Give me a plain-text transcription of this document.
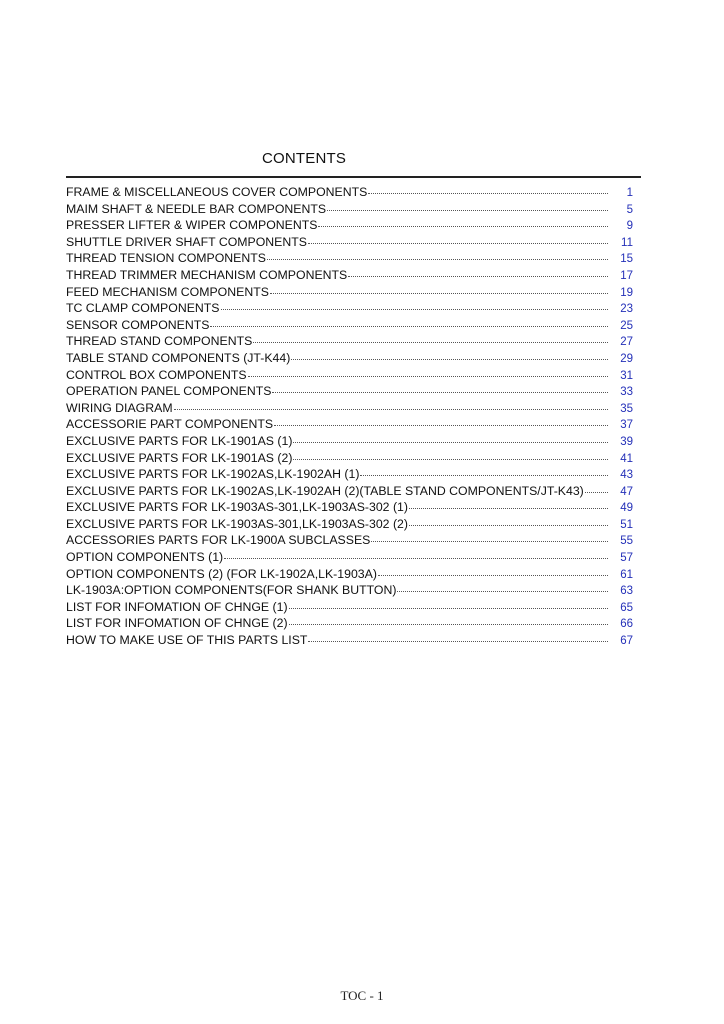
CONTENTS
FRAME & MISCELLANEOUS COVER COMPONENTS	1
MAIM SHAFT & NEEDLE BAR COMPONENTS	5
PRESSER LIFTER & WIPER COMPONENTS	9
SHUTTLE DRIVER SHAFT COMPONENTS	11
THREAD TENSION COMPONENTS	15
THREAD TRIMMER MECHANISM COMPONENTS	17
FEED MECHANISM COMPONENTS	19
TC CLAMP COMPONENTS	23
SENSOR COMPONENTS	25
THREAD STAND COMPONENTS	27
TABLE STAND COMPONENTS (JT-K44)	29
CONTROL BOX COMPONENTS	31
OPERATION PANEL COMPONENTS	33
WIRING DIAGRAM	35
ACCESSORIE PART COMPONENTS	37
EXCLUSIVE PARTS FOR LK-1901AS (1)	39
EXCLUSIVE PARTS FOR LK-1901AS (2)	41
EXCLUSIVE PARTS FOR LK-1902AS,LK-1902AH (1)	43
EXCLUSIVE PARTS FOR LK-1902AS,LK-1902AH (2)(TABLE STAND COMPONENTS/JT-K43)	47
EXCLUSIVE PARTS FOR LK-1903AS-301,LK-1903AS-302 (1)	49
EXCLUSIVE PARTS FOR LK-1903AS-301,LK-1903AS-302 (2)	51
ACCESSORIES PARTS FOR LK-1900A SUBCLASSES	55
OPTION COMPONENTS (1)	57
OPTION COMPONENTS (2) (FOR LK-1902A,LK-1903A)	61
LK-1903A:OPTION COMPONENTS(FOR SHANK BUTTON)	63
LIST FOR INFOMATION OF CHNGE (1)	65
LIST FOR INFOMATION OF CHNGE (2)	66
HOW TO MAKE USE OF THIS PARTS LIST	67
TOC - 1
